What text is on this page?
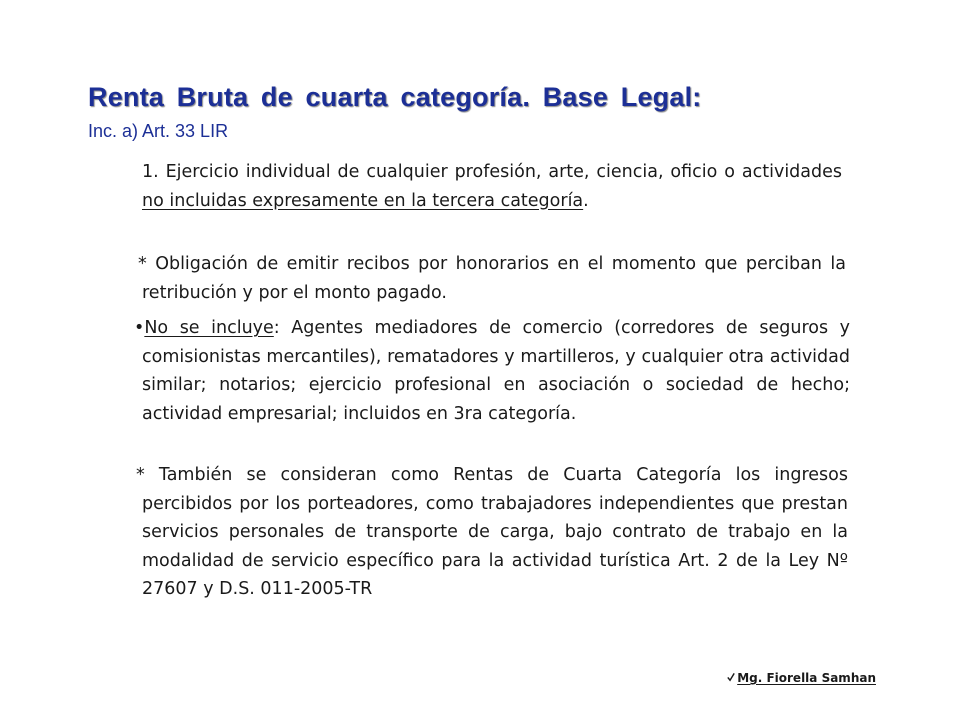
Renta Bruta de cuarta categoría. Base Legal:
Inc. a) Art. 33 LIR
1. Ejercicio individual de cualquier profesión, arte, ciencia, oficio o actividades no incluidas expresamente en la tercera categoría.
* Obligación de emitir recibos por honorarios en el momento que perciban la retribución y por el monto pagado.
•No se incluye: Agentes mediadores de comercio (corredores de seguros y comisionistas mercantiles), rematadores y martilleros, y cualquier otra actividad similar; notarios; ejercicio profesional en asociación o sociedad de hecho; actividad empresarial; incluidos en 3ra categoría.
* También se consideran como Rentas de Cuarta Categoría los ingresos percibidos por los porteadores, como trabajadores independientes que prestan servicios personales de transporte de carga, bajo contrato de trabajo en la modalidad de servicio específico para la actividad turística Art. 2 de la Ley Nº 27607 y D.S. 011-2005-TR
Mg. Fiorella Samhan
